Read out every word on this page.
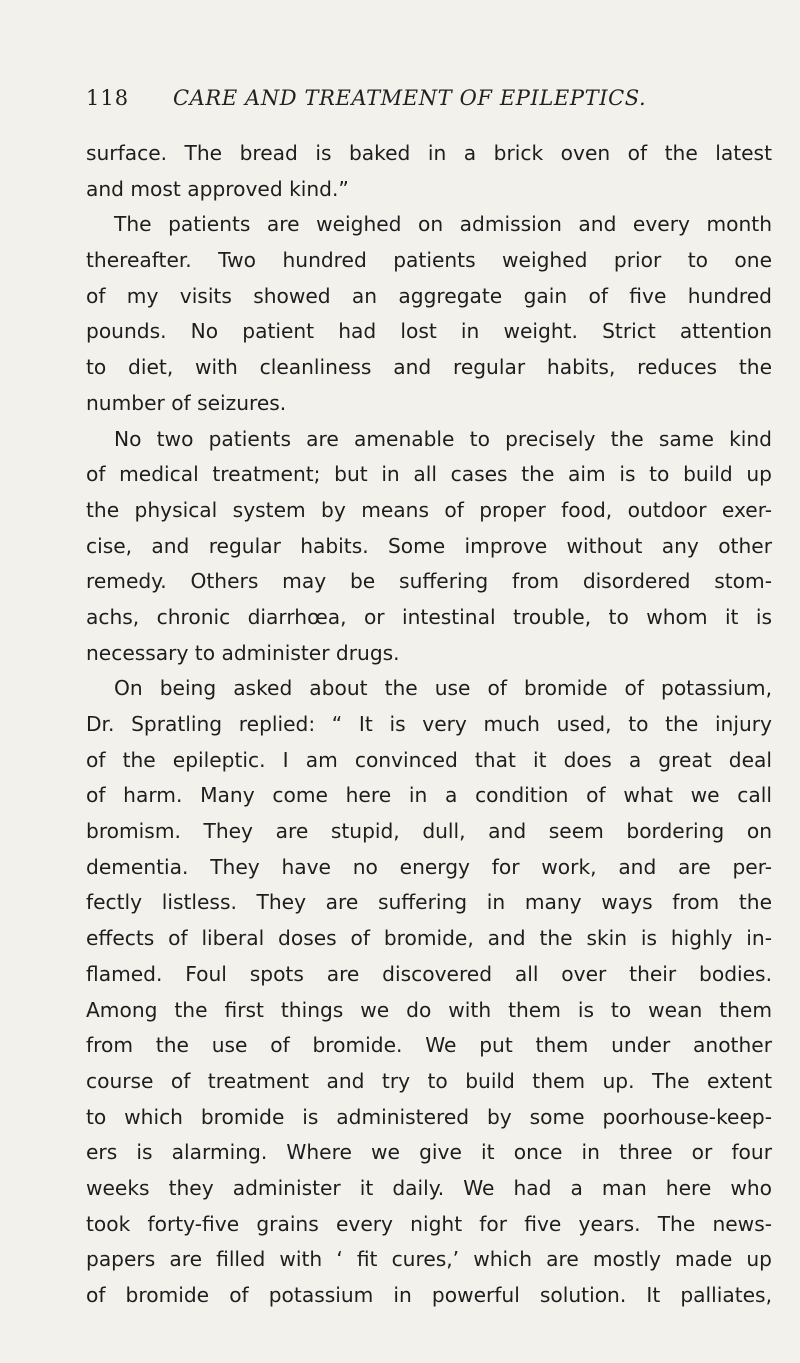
118 CARE AND TREATMENT OF EPILEPTICS.
surface. The bread is baked in a brick oven of the latest
and most approved kind.”
The patients are weighed on admission and every month
thereafter. Two hundred patients weighed prior to one
of my visits showed an aggregate gain of five hundred
pounds. No patient had lost in weight. Strict attention
to diet, with cleanliness and regular habits, reduces the
number of seizures.
No two patients are amenable to precisely the same kind
of medical treatment; but in all cases the aim is to build up
the physical system by means of proper food, outdoor exer-
cise, and regular habits. Some improve without any other
remedy. Others may be suffering from disordered stom-
achs, chronic diarrhœa, or intestinal trouble, to whom it is
necessary to administer drugs.
On being asked about the use of bromide of potassium,
Dr. Spratling replied: “ It is very much used, to the injury
of the epileptic. I am convinced that it does a great deal
of harm. Many come here in a condition of what we call
bromism. They are stupid, dull, and seem bordering on
dementia. They have no energy for work, and are per-
fectly listless. They are suffering in many ways from the
effects of liberal doses of bromide, and the skin is highly in-
flamed. Foul spots are discovered all over their bodies.
Among the first things we do with them is to wean them
from the use of bromide. We put them under another
course of treatment and try to build them up. The extent
to which bromide is administered by some poorhouse-keep-
ers is alarming. Where we give it once in three or four
weeks they administer it daily. We had a man here who
took forty-five grains every night for five years. The news-
papers are filled with ‘ fit cures,’ which are mostly made up
of bromide of potassium in powerful solution. It palliates,
